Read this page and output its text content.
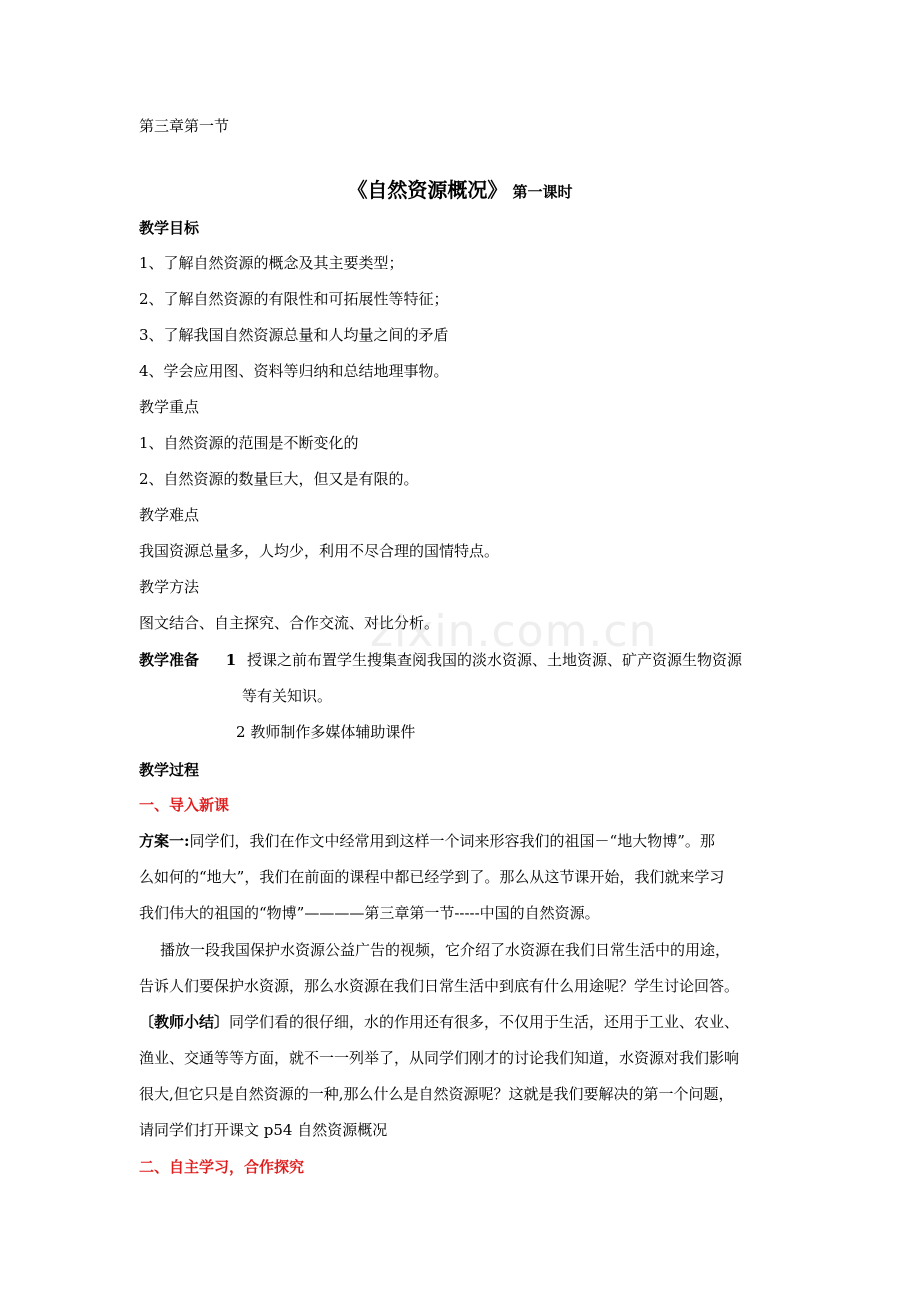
zixin.com.cn
第三章第一节
《自然资源概况》 第一课时
教学目标
1、了解自然资源的概念及其主要类型；
2、了解自然资源的有限性和可拓展性等特征；
3、了解我国自然资源总量和人均量之间的矛盾
4、学会应用图、资料等归纳和总结地理事物。
教学重点
1、自然资源的范围是不断变化的
2、自然资源的数量巨大，但又是有限的。
教学难点
我国资源总量多，人均少，利用不尽合理的国情特点。
教学方法
图文结合、自主探究、合作交流、对比分析。
教学准备 1 授课之前布置学生搜集查阅我国的淡水资源、土地资源、矿产资源生物资源
等有关知识。
2 教师制作多媒体辅助课件
教学过程
一、导入新课
方案一:同学们，我们在作文中经常用到这样一个词来形容我们的祖国－“地大物博”。那
么如何的“地大”，我们在前面的课程中都已经学到了。那么从这节课开始，我们就来学习
我们伟大的祖国的“物博”————第三章第一节-----中国的自然资源。
播放一段我国保护水资源公益广告的视频，它介绍了水资源在我们日常生活中的用途，
告诉人们要保护水资源，那么水资源在我们日常生活中到底有什么用途呢？学生讨论回答。
〔教师小结〕同学们看的很仔细，水的作用还有很多，不仅用于生活，还用于工业、农业、
渔业、交通等等方面，就不一一列举了，从同学们刚才的讨论我们知道，水资源对我们影响
很大,但它只是自然资源的一种,那么什么是自然资源呢？这就是我们要解决的第一个问题，
请同学们打开课文 p54 自然资源概况
二、自主学习，合作探究
